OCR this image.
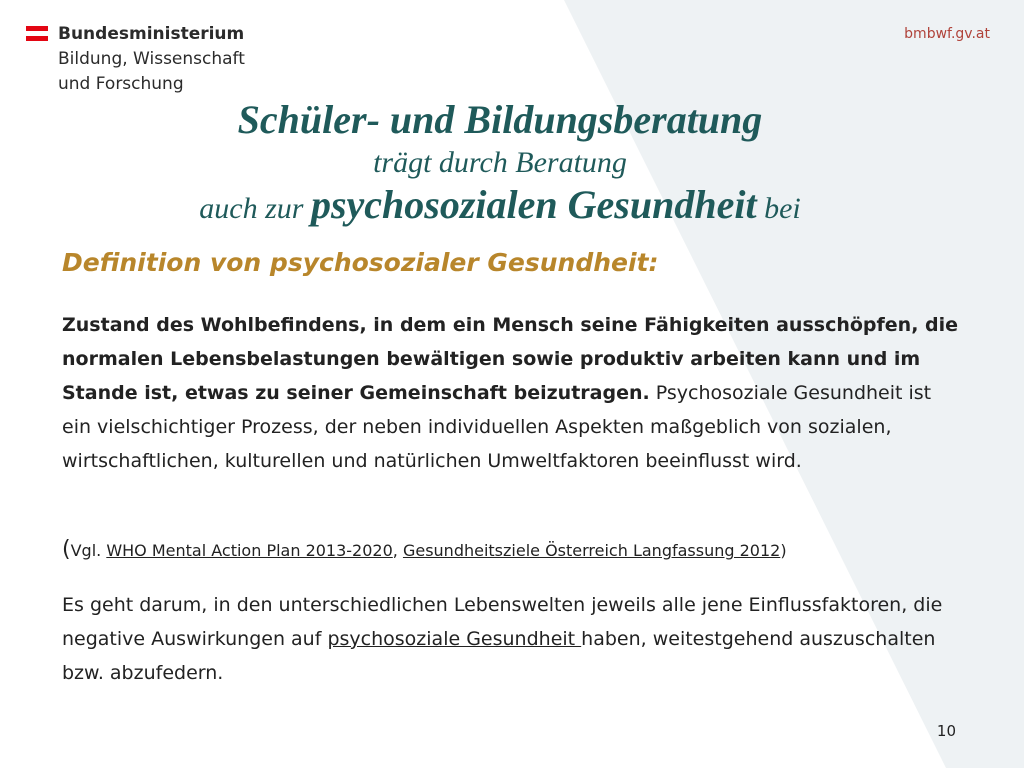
Bundesministerium
Bildung, Wissenschaft
und Forschung
bmbwf.gv.at
Schüler- und Bildungsberatung
trägt durch Beratung
auch zur psychosozialen Gesundheit bei
Definition von psychosozialer Gesundheit:
Zustand des Wohlbefindens, in dem ein Mensch seine Fähigkeiten ausschöpfen, die normalen Lebensbelastungen bewältigen sowie produktiv arbeiten kann und im Stande ist, etwas zu seiner Gemeinschaft beizutragen. Psychosoziale Gesundheit ist ein vielschichtiger Prozess, der neben individuellen Aspekten maßgeblich von sozialen, wirtschaftlichen, kulturellen und natürlichen Umweltfaktoren beeinflusst wird.
(Vgl. WHO Mental Action Plan 2013-2020, Gesundheitsziele Österreich Langfassung 2012)
Es geht darum, in den unterschiedlichen Lebenswelten jeweils alle jene Einflussfaktoren, die negative Auswirkungen auf psychosoziale Gesundheit haben, weitestgehend auszuschalten bzw. abzufedern.
10
